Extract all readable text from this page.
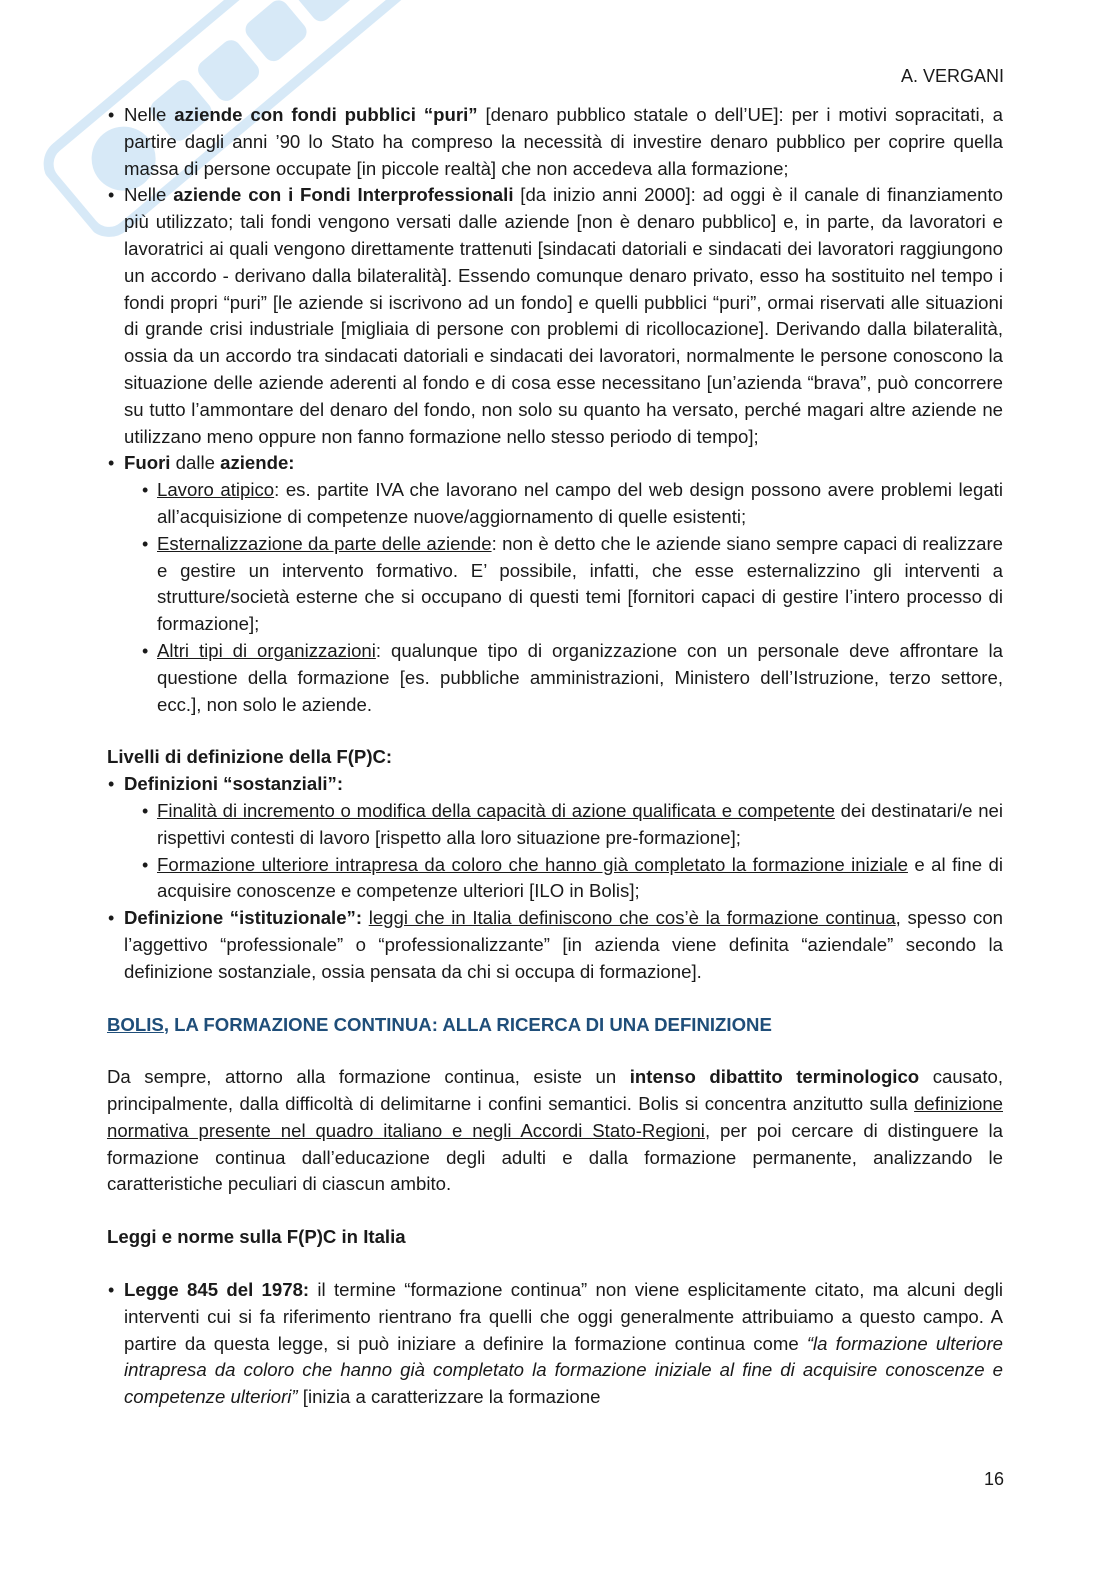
A. VERGANI

• Nelle aziende con fondi pubblici “puri” [denaro pubblico statale o dell’UE]: per i motivi sopracitati, a partire dagli anni ’90 lo Stato ha compreso la necessità di investire denaro pubblico per coprire quella massa di persone occupate [in piccole realtà] che non accedeva alla formazione;

• Nelle aziende con i Fondi Interprofessionali [da inizio anni 2000]: ad oggi è il canale di finanziamento più utilizzato; tali fondi vengono versati dalle aziende [non è denaro pubblico] e, in parte, da lavoratori e lavoratrici ai quali vengono direttamente trattenuti [sindacati datoriali e sindacati dei lavoratori raggiungono un accordo - derivano dalla bilateralità]. Essendo comunque denaro privato, esso ha sostituito nel tempo i fondi propri “puri” [le aziende si iscrivono ad un fondo] e quelli pubblici “puri”, ormai riservati alle situazioni di grande crisi industriale [migliaia di persone con problemi di ricollocazione]. Derivando dalla bilateralità, ossia da un accordo tra sindacati datoriali e sindacati dei lavoratori, normalmente le persone conoscono la situazione delle aziende aderenti al fondo e di cosa esse necessitano [un’azienda “brava”, può concorrere su tutto l’ammontare del denaro del fondo, non solo su quanto ha versato, perché magari altre aziende ne utilizzano meno oppure non fanno formazione nello stesso periodo di tempo];

• Fuori dalle aziende:

• Lavoro atipico: es. partite IVA che lavorano nel campo del web design possono avere problemi legati all’acquisizione di competenze nuove/aggiornamento di quelle esistenti;

• Esternalizzazione da parte delle aziende: non è detto che le aziende siano sempre capaci di realizzare e gestire un intervento formativo. E’ possibile, infatti, che esse esternalizzino gli interventi a strutture/società esterne che si occupano di questi temi [fornitori capaci di gestire l’intero processo di formazione];

• Altri tipi di organizzazioni: qualunque tipo di organizzazione con un personale deve affrontare la questione della formazione [es. pubbliche amministrazioni, Ministero dell’Istruzione, terzo settore, ecc.], non solo le aziende.

Livelli di definizione della F(P)C:

• Definizioni “sostanziali”:

• Finalità di incremento o modifica della capacità di azione qualificata e competente dei destinatari/e nei rispettivi contesti di lavoro [rispetto alla loro situazione pre-formazione];

• Formazione ulteriore intrapresa da coloro che hanno già completato la formazione iniziale e al fine di acquisire conoscenze e competenze ulteriori [ILO in Bolis];

• Definizione “istituzionale”: leggi che in Italia definiscono che cos’è la formazione continua, spesso con l’aggettivo “professionale” o “professionalizzante” [in azienda viene definita “aziendale” secondo la definizione sostanziale, ossia pensata da chi si occupa di formazione].

BOLIS, LA FORMAZIONE CONTINUA: ALLA RICERCA DI UNA DEFINIZIONE

Da sempre, attorno alla formazione continua, esiste un intenso dibattito terminologico causato, principalmente, dalla difficoltà di delimitarne i confini semantici. Bolis si concentra anzitutto sulla definizione normativa presente nel quadro italiano e negli Accordi Stato-Regioni, per poi cercare di distinguere la formazione continua dall’educazione degli adulti e dalla formazione permanente, analizzando le caratteristiche peculiari di ciascun ambito.

Leggi e norme sulla F(P)C in Italia

• Legge 845 del 1978: il termine “formazione continua” non viene esplicitamente citato, ma alcuni degli interventi cui si fa riferimento rientrano fra quelli che oggi generalmente attribuiamo a questo campo. A partire da questa legge, si può iniziare a definire la formazione continua come “la formazione ulteriore intrapresa da coloro che hanno già completato la formazione iniziale al fine di acquisire conoscenze e competenze ulteriori” [inizia a caratterizzare la formazione

16
